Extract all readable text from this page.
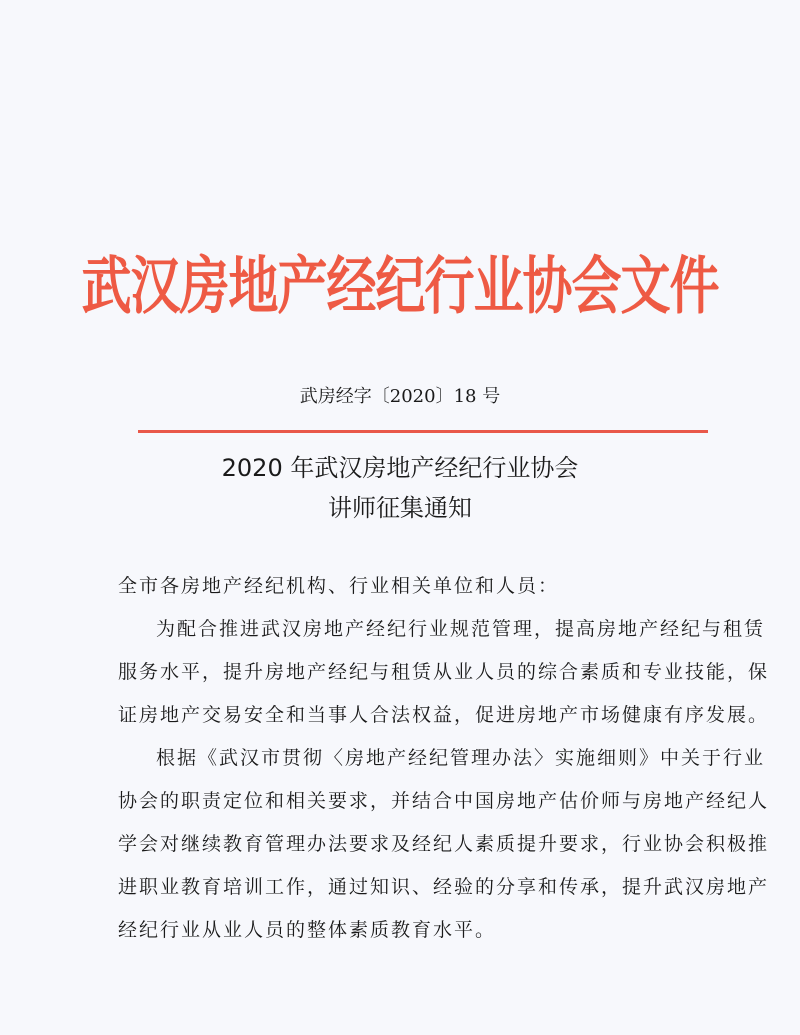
武汉房地产经纪行业协会文件
武房经字〔2020〕18 号
2020 年武汉房地产经纪行业协会
讲师征集通知
全市各房地产经纪机构、行业相关单位和人员：
为配合推进武汉房地产经纪行业规范管理，提高房地产经纪与租赁
服务水平，提升房地产经纪与租赁从业人员的综合素质和专业技能，保
证房地产交易安全和当事人合法权益，促进房地产市场健康有序发展。
根据《武汉市贯彻〈房地产经纪管理办法〉实施细则》中关于行业
协会的职责定位和相关要求，并结合中国房地产估价师与房地产经纪人
学会对继续教育管理办法要求及经纪人素质提升要求，行业协会积极推
进职业教育培训工作，通过知识、经验的分享和传承，提升武汉房地产
经纪行业从业人员的整体素质教育水平。
